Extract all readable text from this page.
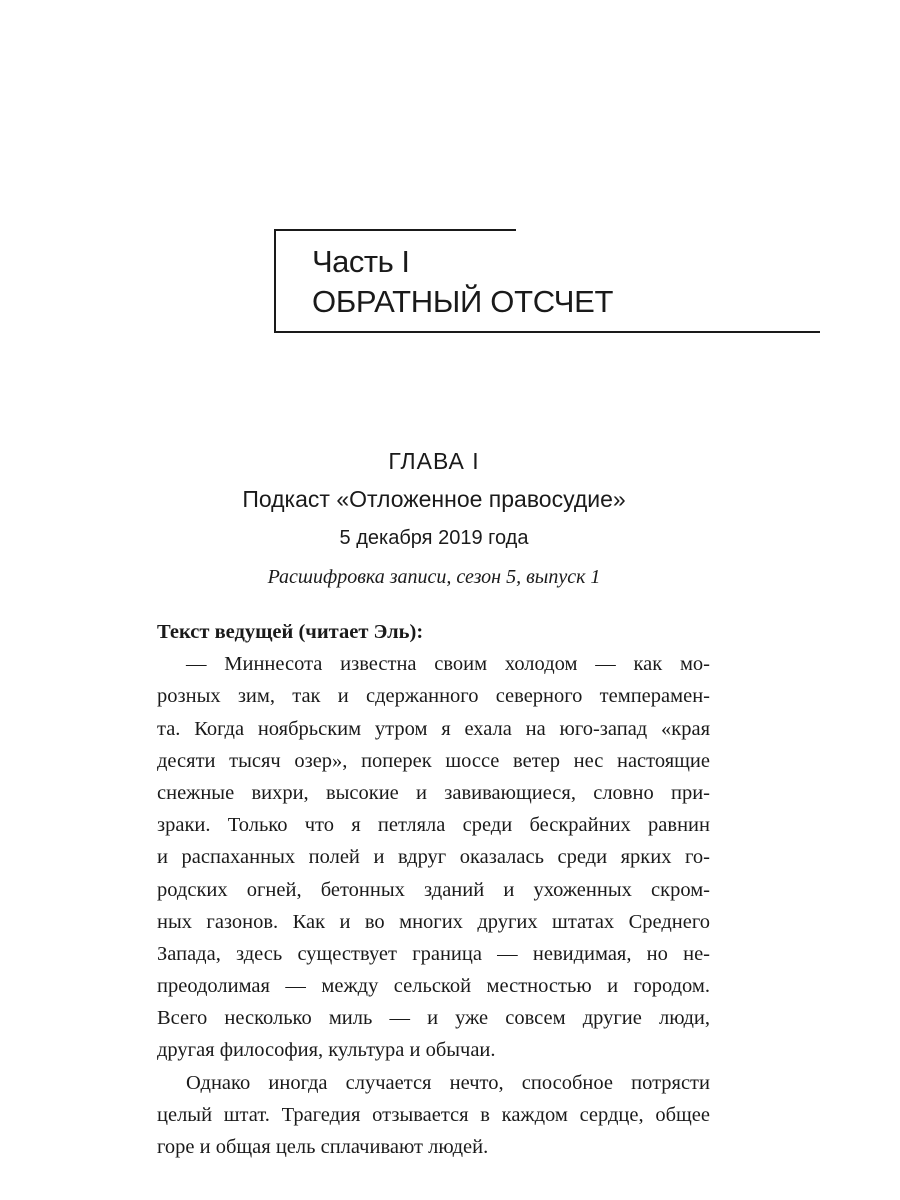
Часть I
ОБРАТНЫЙ ОТСЧЕТ
ГЛАВА I
Подкаст «Отложенное правосудие»
5 декабря 2019 года
Расшифровка записи, сезон 5, выпуск 1
Текст ведущей (читает Эль):
— Миннесота известна своим холодом — как мо-
розных зим, так и сдержанного северного темперамен-
та. Когда ноябрьским утром я ехала на юго-запад «края
десяти тысяч озер», поперек шоссе ветер нес настоящие
снежные вихри, высокие и завивающиеся, словно при-
зраки. Только что я петляла среди бескрайних равнин
и распаханных полей и вдруг оказалась среди ярких го-
родских огней, бетонных зданий и ухоженных скром-
ных газонов. Как и во многих других штатах Среднего
Запада, здесь существует граница — невидимая, но не-
преодолимая — между сельской местностью и городом.
Всего несколько миль — и уже совсем другие люди,
другая философия, культура и обычаи.
Однако иногда случается нечто, способное потрясти
целый штат. Трагедия отзывается в каждом сердце, общее
горе и общая цель сплачивают людей.
